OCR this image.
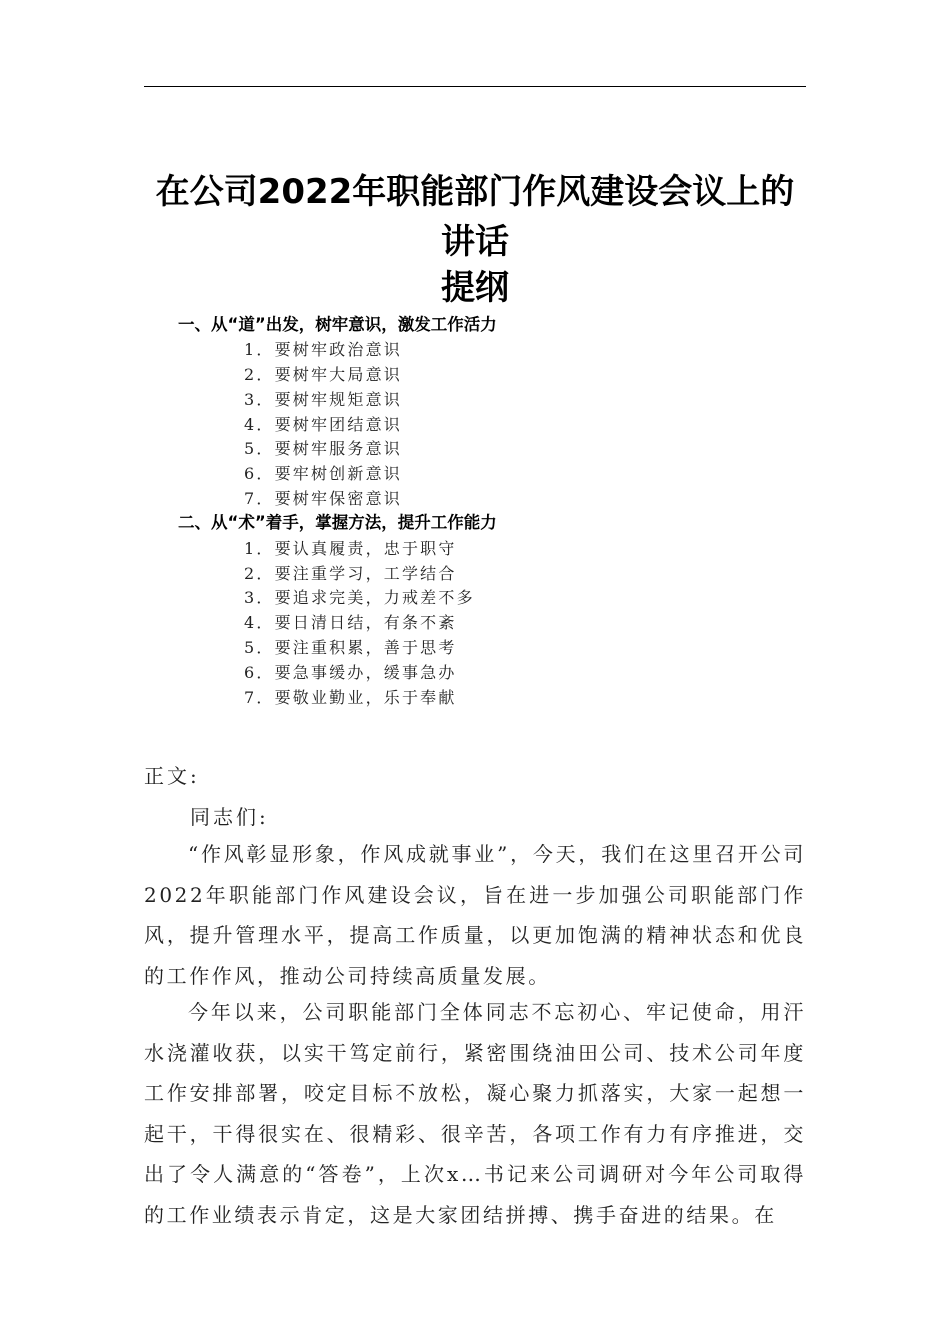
在公司2022年职能部门作风建设会议上的
讲话
提纲
一、从“道”出发，树牢意识，激发工作活力
1．要树牢政治意识
2．要树牢大局意识
3．要树牢规矩意识
4．要树牢团结意识
5．要树牢服务意识
6．要牢树创新意识
7．要树牢保密意识
二、从“术”着手，掌握方法，提升工作能力
1．要认真履责，忠于职守
2．要注重学习，工学结合
3．要追求完美，力戒差不多
4．要日清日结，有条不紊
5．要注重积累，善于思考
6．要急事缓办，缓事急办
7．要敬业勤业，乐于奉献
正文:
同志们:
“作风彰显形象，作风成就事业”，今天，我们在这里召开公司2022年职能部门作风建设会议，旨在进一步加强公司职能部门作风，提升管理水平，提高工作质量，以更加饱满的精神状态和优良的工作作风，推动公司持续高质量发展。
今年以来，公司职能部门全体同志不忘初心、牢记使命，用汗水浇灌收获，以实干笃定前行，紧密围绕油田公司、技术公司年度工作安排部署，咬定目标不放松，凝心聚力抓落实，大家一起想一起干，干得很实在、很精彩、很辛苦，各项工作有力有序推进，交出了令人满意的“答卷”，上次x…书记来公司调研对今年公司取得的工作业绩表示肯定，这是大家团结拼搏、携手奋进的结果。在
